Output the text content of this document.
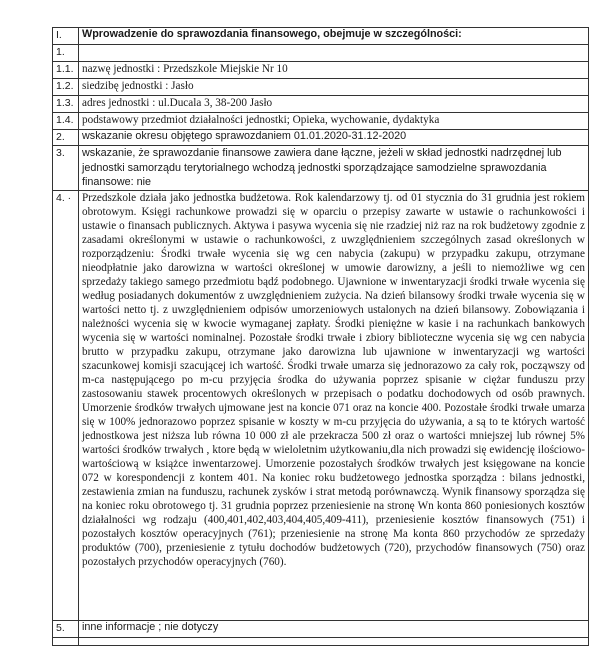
I.	Wprowadzenie do sprawozdania finansowego, obejmuje w szczególności:
1.	
1.1.	nazwę jednostki : Przedszkole Miejskie Nr 10
1.2.	siedzibę jednostki : Jasło
1.3.	adres jednostki : ul.Ducala 3, 38-200 Jasło
1.4.	podstawowy przedmiot działalności jednostki; Opieka, wychowanie, dydaktyka
2.	wskazanie okresu objętego sprawozdaniem 01.01.2020-31.12-2020
3.	wskazanie, że sprawozdanie finansowe zawiera dane łączne, jeżeli w skład jednostki nadrzędnej lub jednostki samorządu terytorialnego wchodzą jednostki sporządzające samodzielne sprawozdania finansowe: nie
4. ·	Przedszkole działa jako jednostka budżetowa. Rok kalendarzowy tj. od 01 stycznia do 31 grudnia jest rokiem obrotowym. Księgi rachunkowe prowadzi się w oparciu o przepisy zawarte w ustawie o rachunkowości i ustawie o finansach publicznych. Aktywa i pasywa wycenia się nie rzadziej niż raz na rok budżetowy zgodnie z zasadami określonymi w ustawie o rachunkowości, z uwzględnieniem szczególnych zasad określonych w rozporządzeniu: Środki trwałe wycenia się wg cen nabycia (zakupu) w przypadku zakupu, otrzymane nieodpłatnie jako darowizna w wartości określonej w umowie darowizny, a jeśli to niemożliwe wg cen sprzedaży takiego samego przedmiotu bądź podobnego. Ujawnione w inwentaryzacji środki trwałe wycenia się według posiadanych dokumentów z uwzględnieniem zużycia. Na dzień bilansowy środki trwałe wycenia się w wartości netto tj. z uwzględnieniem odpisów umorzeniowych ustalonych na dzień bilansowy. Zobowiązania i należności wycenia się w kwocie wymaganej zapłaty. Środki pieniężne w kasie i na rachunkach bankowych wycenia się w wartości nominalnej. Pozostałe środki trwałe i zbiory biblioteczne wycenia się wg cen nabycia brutto w przypadku zakupu, otrzymane jako darowizna lub ujawnione w inwentaryzacji wg wartości szacunkowej komisji szacującej ich wartość. Środki trwałe umarza się jednorazowo za cały rok, począwszy od m-ca następującego po m-cu przyjęcia środka do używania poprzez spisanie w ciężar funduszu przy zastosowaniu stawek procentowych określonych w przepisach o podatku dochodowych od osób prawnych. Umorzenie środków trwałych ujmowane jest na koncie 071 oraz na koncie 400. Pozostałe środki trwałe umarza się w 100% jednorazowo poprzez spisanie w koszty w m-cu przyjęcia do używania, a są to te których wartość jednostkowa jest niższa lub równa 10 000 zł ale przekracza 500 zł oraz o wartości mniejszej lub równej 5% wartości środków trwałych , ktore będą w wieloletnim użytkowaniu,dla nich prowadzi się ewidencję ilościowo-wartościową w książce inwentarzowej. Umorzenie pozostałych środków trwałych jest księgowane na koncie 072 w korespondencji z kontem 401. Na koniec roku budżetowego jednostka sporządza : bilans jednostki, zestawienia zmian na funduszu, rachunek zysków i strat metodą porównawczą. Wynik finansowy sporządza się na koniec roku obrotowego tj. 31 grudnia poprzez przeniesienie na stronę Wn konta 860 poniesionych kosztów działalności wg rodzaju (400,401,402,403,404,405,409-411), przeniesienie kosztów finansowych (751) i pozostałych kosztów operacyjnych (761); przeniesienie na stronę Ma konta 860 przychodów ze sprzedaży produktów (700), przeniesienie z tytułu dochodów budżetowych (720), przychodów finansowych (750) oraz pozostałych przychodów operacyjnych (760).
5.	inne informacje ; nie dotyczy
